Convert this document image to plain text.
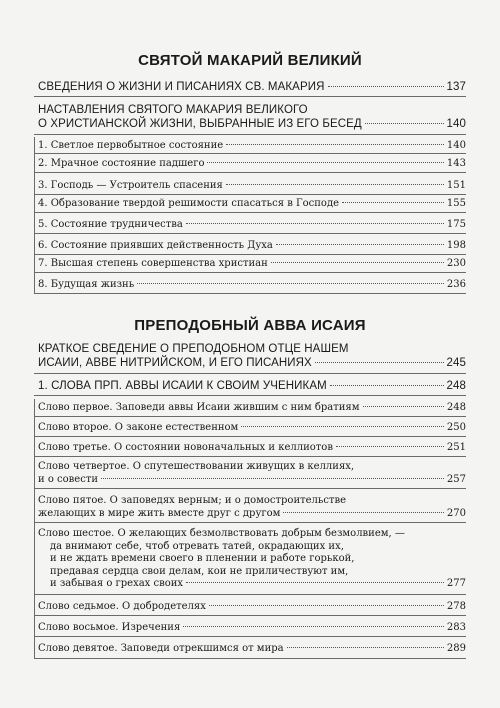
СВЯТОЙ МАКАРИЙ ВЕЛИКИЙ
СВЕДЕНИЯ О ЖИЗНИ И ПИСАНИЯХ СВ. МАКАРИЯ	137
НАСТАВЛЕНИЯ СВЯТОГО МАКАРИЯ ВЕЛИКОГО
О ХРИСТИАНСКОЙ ЖИЗНИ, ВЫБРАННЫЕ ИЗ ЕГО БЕСЕД	140
1. Светлое первобытное состояние	140
2. Мрачное состояние падшего	143
3. Господь — Устроитель спасения	151
4. Образование твердой решимости спасаться в Господе	155
5. Состояние трудничества	175
6. Состояние приявших действенность Духа	198
7. Высшая степень совершенства христиан	230
8. Будущая жизнь	236
ПРЕПОДОБНЫЙ АВВА ИСАИЯ
КРАТКОЕ СВЕДЕНИЕ О ПРЕПОДОБНОМ ОТЦЕ НАШЕМ
ИСАИИ, АВВЕ НИТРИЙСКОМ, И ЕГО ПИСАНИЯХ	245
1. СЛОВА ПРП. АВВЫ ИСАИИ К СВОИМ УЧЕНИКАМ	248
Слово первое. Заповеди аввы Исаии жившим с ним братиям	248
Слово второе. О законе естественном	250
Слово третье. О состоянии новоначальных и келлиотов	251
Слово четвертое. О спутешествовании живущих в келлиях,
и о совести	257
Слово пятое. О заповедях верным; и о домостроительстве
желающих в мире жить вместе друг с другом	270
Слово шестое. О желающих безмолвствовать добрым безмолвием, —
да внимают себе, чтоб отревать татей, окрадающих их,
и не ждать времени своего в пленении и работе горькой,
предавая сердца свои делам, кои не приличествуют им,
и забывая о грехах своих	277
Слово седьмое. О добродетелях	278
Слово восьмое. Изречения	283
Слово девятое. Заповеди отрекшимся от мира	289
